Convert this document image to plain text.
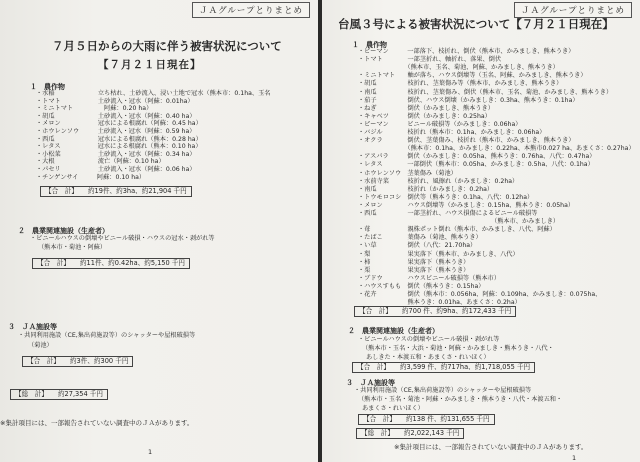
ＪＡグループとりまとめ
７月５日からの大雨に伴う被害状況について
【７月２１日現在】
１　農作物
・水稲　　　　　　　立ち枯れ、土砂流入、浸い土地で冠水（熊本市：0.1ha、玉名
・トマト　　　　　　土砂流入・冠水（阿蘇：0.01ha）
・ミニトマト　　　　　阿蘇：0.20 ha）
・胡瓜　　　　　　　土砂流入・冠水（阿蘇：0.40 ha）
・メロン　　　　　　冠水による根腐れ（阿蘇：0.45 ha）
・ホウレンソウ　　　土砂流入・冠水（阿蘇：0.59 ha）
・西瓜　　　　　　　冠水による根腐れ（熊本：0.28 ha）
・レタス　　　　　　冠水による根腐れ（熊本：0.10 ha）
・小松菜　　　　　　土砂流入・冠水（阿蘇：0.34 ha）
・大根　　　　　　　流亡（阿蘇：0.10 ha）
・パセリ　　　　　　土砂流入・冠水（阿蘇：0.06 ha）
・チンゲンサイ　　　阿蘇：0.10 ha）
【合　計】 約19件、約3ha、約21,904 千円
２　農業関連施設（生産者）
・ビニールハウスの倒壊やビニール破損・ハウスの冠水・剥がれ等
（熊本市・菊池・阿蘇）
【合　計】 約11件、約0.42ha、約5,150 千円
３　ＪＡ施設等
・共同利用施設（CE,集出荷施設等）のシャッターや屋根破損等
（菊池）
【合　計】 約3件、約300 千円
【総　計】 約27,354 千円
※集計項目には、一部報告されていない調査中のＪＡがあります。
1
ＪＡグループとりまとめ
台風３号による被害状況について【７月２１日現在】
１　農作物
・ピーマン　　　一部落下、枝折れ、倒伏（熊本市、かみましき、熊本うき）
・トマト　　　　一部茎折れ、軸折れ、落果、倒伏
　　　　　　　　（熊本市、玉名、菊池、阿蘇、かみましき、熊本うき）
・ミニトマト　　軸が落ち、ハウス倒壊等（玉名、阿蘇、かみましき、熊本うき）
・胡瓜　　　　　枝折れ、茎葉傷み等（熊本市、かみましき、熊本うき）
・南瓜　　　　　枝折れ、茎葉傷み、倒伏（熊本市、玉名、菊池、かみましき、熊本うき）
・茄子　　　　　倒伏、ハウス倒壊（かみましき：0.3ha、熊本うき：0.1ha）
・ねぎ　　　　　倒伏（かみましき、熊本うき）
・キャベツ　　　倒伏（かみましき：0.25ha）
・ピーマン　　　ビニール破損等（かみましき：0.06ha）
・バジル　　　　枝折れ（熊本市：0.1ha、かみましき：0.06ha）
・オクラ　　　　倒伏、茎葉傷み、枝折れ（熊本市、かみましき、熊本うき）
　　　　　　　　（熊本市：0.1ha、かみましき：0.22ha、本熊市0.027 ha、あまくさ：0.27ha）
・アスパラ　　　倒伏（かみましき：0.05ha、熊本うき：0.76ha、八代：0.47ha）
・レタス　　　　一部倒伏（熊本市：0.05ha、かみましき：0.5ha、八代：0.1ha）
・ホウレンソウ　茎葉傷み（菊池）
・水前寺菜　　　枝折れ、風擦れ（かみましき：0.2ha）
・南瓜　　　　　枝折れ（かみましき：0.2ha）
・トウモロコシ　倒伏等（熊本うき：0.1ha、八代：0.12ha）
・メロン　　　　ハウス倒壊等（かみましき：0.15ha、熊本うき：0.05ha）
・西瓜　　　　　一部茎折れ、ハウス損傷によるビニール破損等
　　　　　　　　　　　　　　　　　　　　　　（熊本市、かみましき）
・苺　　　　　　親株ポット倒れ（熊本市、かみましき、八代、阿蘇）
・たばこ　　　　葉傷み（菊池、熊本うき）
・い草　　　　　倒伏（八代：21.70ha）
・梨　　　　　　果実落下（熊本市、かみましき、八代）
・柿　　　　　　果実落下（熊本うき）
・栗　　　　　　果実落下（熊本うき）
・ブドウ　　　　ハウスビニール破損等（熊本市）
・ハウスすもも　倒伏（熊本うき：0.15ha）
・花卉　　　　　倒伏（熊本市：0.056ha、阿蘇：0.109ha、かみましき：0.075ha、
　　　　　　　　熊本うき：0.01ha、あまくさ：0.2ha）
【合　計】 約700 件、約9ha、約172,433 千円
２　農業関連施設（生産者）
・ビニールハウスの倒壊やビニール破損・剥がれ等
（熊本市・玉名・大浜・菊池・阿蘇・かみましき・熊本うき・八代・
あしきた・本渡五和・あまくさ・れいほく）
【合　計】 約3,599 件、約717ha、約1,718,055 千円
３　ＪＡ施設等
・共同利用施設（CE,集出荷施設等）のシャッターや屋根破損等
（熊本市・玉名・菊池・阿蘇・かみましき・熊本うき・八代・本渡五和・
あまくさ・れいほく）
【合　計】 約138 件、約131,655 千円
【総　計】 約2,022,143 千円
※集計項目には、一部報告されていない調査中のＪＡがあります。
1
